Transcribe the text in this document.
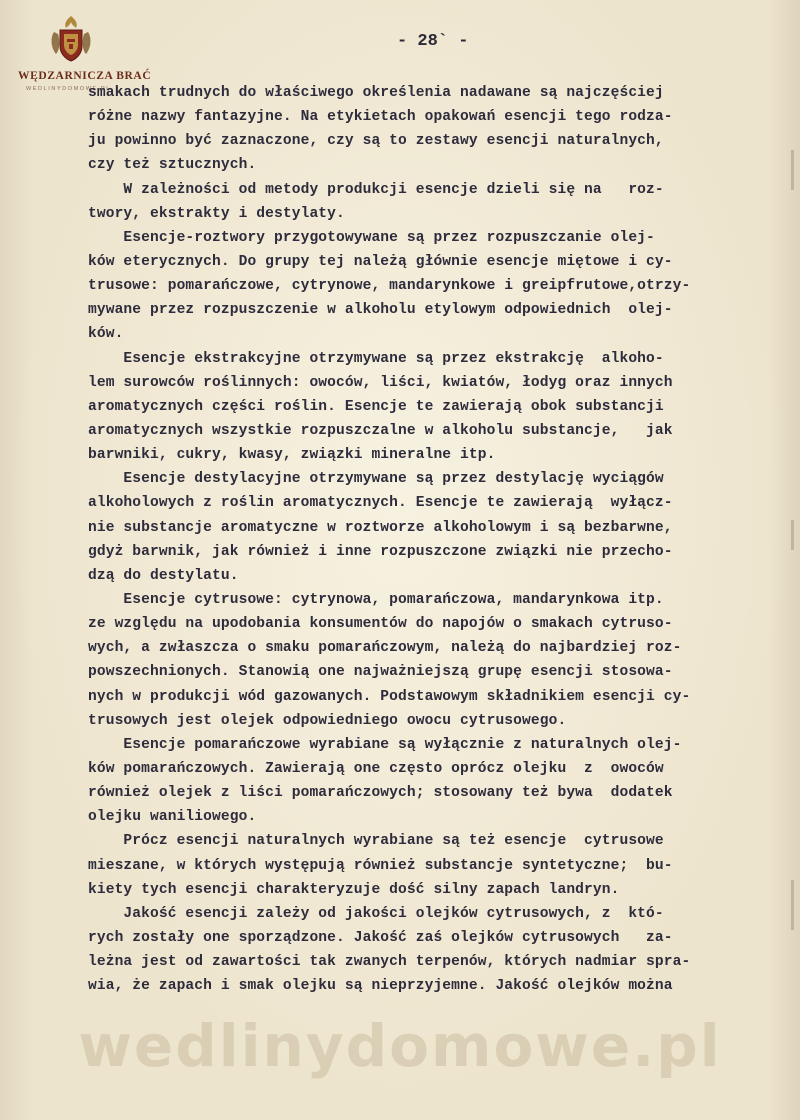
WĘDZARNICZA BRAĆ
WEDLINYDOMOWE.PL
- 28` -
smakach trudnych do właściwego określenia nadawane są najczęściej
różne nazwy fantazyjne. Na etykietach opakowań esencji tego rodza-
ju powinno być zaznaczone, czy są to zestawy esencji naturalnych,
czy też sztucznych.
W zależności od metody produkcji esencje dzieli się na   roz-
twory, ekstrakty i destylaty.
Esencje-roztwory przygotowywane są przez rozpuszczanie olej-
ków eterycznych. Do grupy tej należą głównie esencje miętowe i cy-
trusowe: pomarańczowe, cytrynowe, mandarynkowe i greipfrutowe,otrzy-
mywane przez rozpuszczenie w alkoholu etylowym odpowiednich  olej-
ków.
Esencje ekstrakcyjne otrzymywane są przez ekstrakcję  alkoho-
lem surowców roślinnych: owoców, liści, kwiatów, łodyg oraz innych
aromatycznych części roślin. Esencje te zawierają obok substancji
aromatycznych wszystkie rozpuszczalne w alkoholu substancje,   jak
barwniki, cukry, kwasy, związki mineralne itp.
Esencje destylacyjne otrzymywane są przez destylację wyciągów
alkoholowych z roślin aromatycznych. Esencje te zawierają  wyłącz-
nie substancje aromatyczne w roztworze alkoholowym i są bezbarwne,
gdyż barwnik, jak również i inne rozpuszczone związki nie przecho-
dzą do destylatu.
Esencje cytrusowe: cytrynowa, pomarańczowa, mandarynkowa itp.
ze względu na upodobania konsumentów do napojów o smakach cytruso-
wych, a zwłaszcza o smaku pomarańczowym, należą do najbardziej roz-
powszechnionych. Stanowią one najważniejszą grupę esencji stosowa-
nych w produkcji wód gazowanych. Podstawowym składnikiem esencji cy-
trusowych jest olejek odpowiedniego owocu cytrusowego.
Esencje pomarańczowe wyrabiane są wyłącznie z naturalnych olej-
ków pomarańczowych. Zawierają one często oprócz olejku  z  owoców
również olejek z liści pomarańczowych; stosowany też bywa  dodatek
olejku waniliowego.
Prócz esencji naturalnych wyrabiane są też esencje  cytrusowe
mieszane, w których występują również substancje syntetyczne;  bu-
kiety tych esencji charakteryzuje dość silny zapach landryn.
Jakość esencji zależy od jakości olejków cytrusowych, z  któ-
rych zostały one sporządzone. Jakość zaś olejków cytrusowych   za-
leżna jest od zawartości tak zwanych terpenów, których nadmiar spra-
wia, że zapach i smak olejku są nieprzyjemne. Jakość olejków można
wedlinydomowe.pl
